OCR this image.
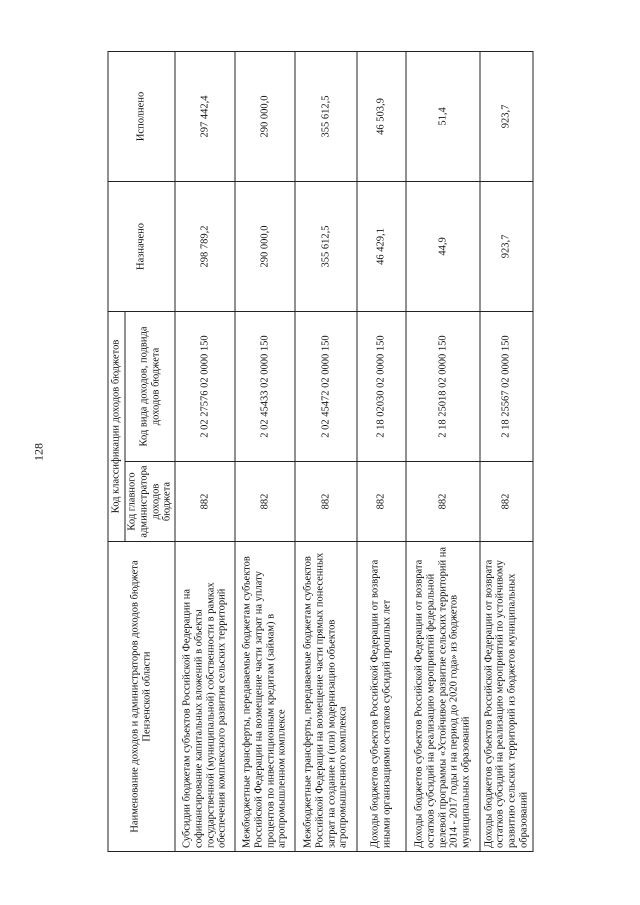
128
Наименование доходов и администраторов доходов бюджета Пензенской области	Код классификации доходов бюджетов		Назначено	Исполнено
	Код главного администратора доходов бюджета	Код вида доходов, подвида доходов бюджета		
Субсидии бюджетам субъектов Российской Федерации на софинансирование капитальных вложений в объекты государственной (муниципальной) собственности в рамках обеспечения комплексного развития сельских территорий	882	2 02 27576 02 0000 150	298 789,2	297 442,4
Межбюджетные трансферты, передаваемые бюджетам субъектов Российской Федерации на возмещение части затрат на уплату процентов по инвестиционным кредитам (займам) в агропромышленном комплексе	882	2 02 45433 02 0000 150	290 000,0	290 000,0
Межбюджетные трансферты, передаваемые бюджетам субъектов Российской Федерации на возмещение части прямых понесенных затрат на создание и (или) модернизацию объектов агропромышленного комплекса	882	2 02 45472 02 0000 150	355 612,5	355 612,5
Доходы бюджетов субъектов Российской Федерации от возврата иными организациями остатков субсидий прошлых лет	882	2 18 02030 02 0000 150	46 429,1	46 503,9
Доходы бюджетов субъектов Российской Федерации от возврата остатков субсидий на реализацию мероприятий федеральной целевой программы «Устойчивое развитие сельских территорий на 2014 - 2017 годы и на период до 2020 года» из бюджетов муниципальных образований	882	2 18 25018 02 0000 150	44,9	51,4
Доходы бюджетов субъектов Российской Федерации от возврата остатков субсидий на реализацию мероприятий по устойчивому развитию сельских территорий из бюджетов муниципальных образований	882	2 18 25567 02 0000 150	923,7	923,7
